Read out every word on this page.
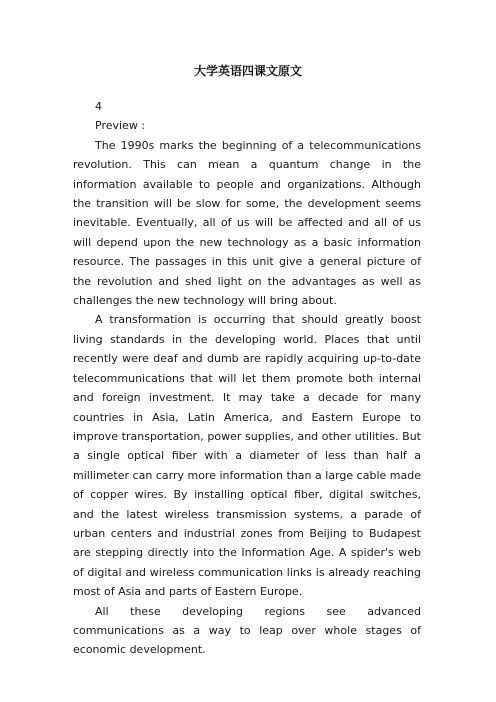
大学英语四课文原文

4

Preview :

The 1990s marks the beginning of a telecommunications revolution. This can mean a quantum change in the information available to people and organizations. Although the transition will be slow for some, the development seems inevitable. Eventually, all of us will be affected and all of us will depend upon the new technology as a basic information resource. The passages in this unit give a general picture of the revolution and shed light on the advantages as well as challenges the new technology will bring about.

A transformation is occurring that should greatly boost living standards in the developing world. Places that until recently were deaf and dumb are rapidly acquiring up-to-date telecommunications that will let them promote both internal and foreign investment. It may take a decade for many countries in Asia, Latin America, and Eastern Europe to improve transportation, power supplies, and other utilities. But a single optical fiber with a diameter of less than half a millimeter can carry more information than a large cable made of copper wires. By installing optical fiber, digital switches, and the latest wireless transmission systems, a parade of urban centers and industrial zones from Beijing to Budapest are stepping directly into the Information Age. A spider's web of digital and wireless communication links is already reaching most of Asia and parts of Eastern Europe.

All these developing regions see advanced communications as a way to leap over whole stages of economic development.
